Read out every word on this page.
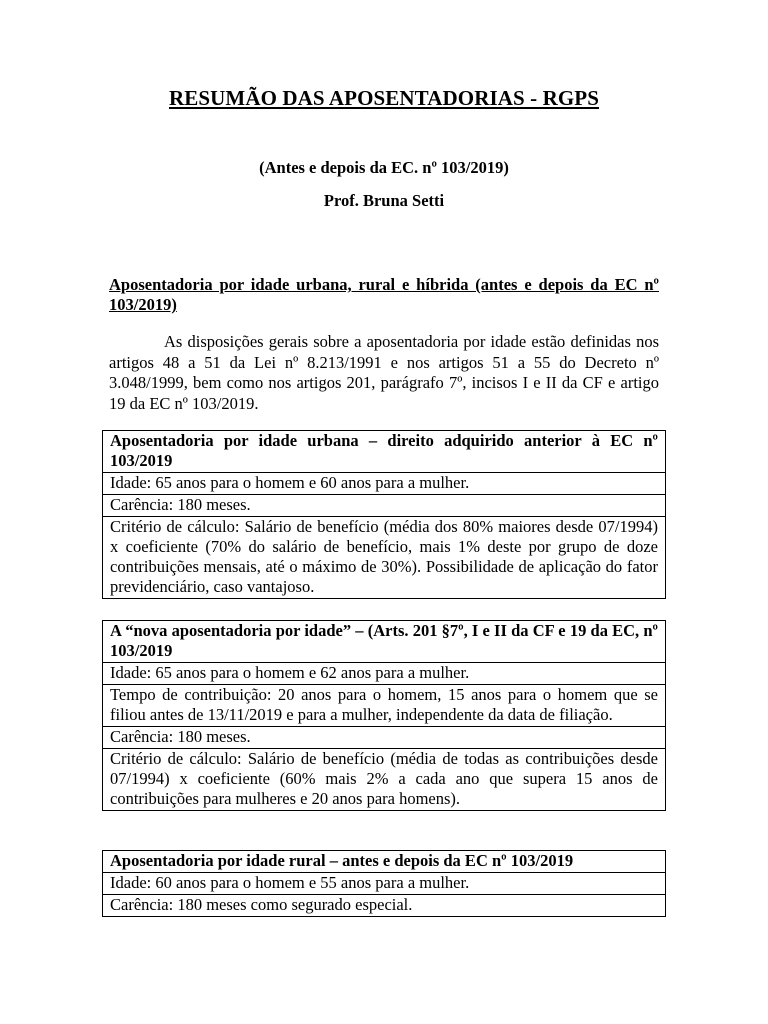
RESUMÃO DAS APOSENTADORIAS - RGPS
(Antes e depois da EC. nº 103/2019)
Prof. Bruna Setti
Aposentadoria por idade urbana, rural e híbrida (antes e depois da EC nº 103/2019)
As disposições gerais sobre a aposentadoria por idade estão definidas nos artigos 48 a 51 da Lei nº 8.213/1991 e nos artigos 51 a 55 do Decreto nº 3.048/1999, bem como nos artigos 201, parágrafo 7º, incisos I e II da CF e artigo 19 da EC nº 103/2019.
Aposentadoria por idade urbana – direito adquirido anterior à EC nº 103/2019
Idade: 65 anos para o homem e 60 anos para a mulher.
Carência: 180 meses.
Critério de cálculo: Salário de benefício (média dos 80% maiores desde 07/1994) x coeficiente (70% do salário de benefício, mais 1% deste por grupo de doze contribuições mensais, até o máximo de 30%). Possibilidade de aplicação do fator previdenciário, caso vantajoso.
A “nova aposentadoria por idade” – (Arts. 201 §7º, I e II da CF e 19 da EC, nº 103/2019
Idade: 65 anos para o homem e 62 anos para a mulher.
Tempo de contribuição: 20 anos para o homem, 15 anos para o homem que se filiou antes de 13/11/2019 e para a mulher, independente da data de filiação.
Carência: 180 meses.
Critério de cálculo: Salário de benefício (média de todas as contribuições desde 07/1994) x coeficiente (60% mais 2% a cada ano que supera 15 anos de contribuições para mulheres e 20 anos para homens).
Aposentadoria por idade rural – antes e depois da EC nº 103/2019
Idade: 60 anos para o homem e 55 anos para a mulher.
Carência: 180 meses como segurado especial.
